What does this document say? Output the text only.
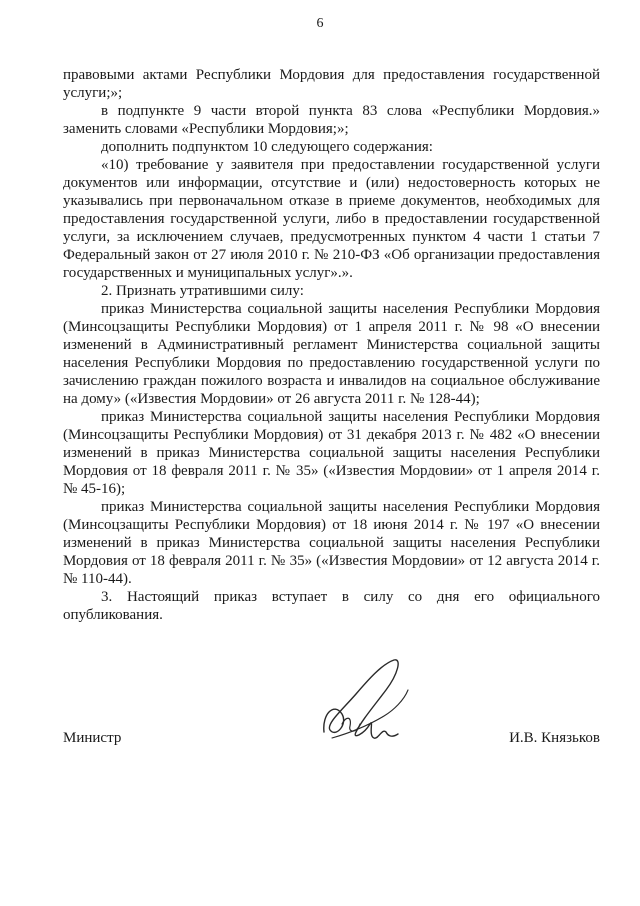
6

правовыми актами Республики Мордовия для предоставления государственной услуги;»;

в подпункте 9 части второй пункта 83 слова «Республики Мордовия.» заменить словами «Республики Мордовия;»;

дополнить подпунктом 10 следующего содержания:

«10) требование у заявителя при предоставлении государственной услуги документов или информации, отсутствие и (или) недостоверность которых не указывались при первоначальном отказе в приеме документов, необходимых для предоставления государственной услуги, либо в предоставлении государственной услуги, за исключением случаев, предусмотренных пунктом 4 части 1 статьи 7 Федеральный закон от 27 июля 2010 г. № 210-ФЗ «Об организации предоставления государственных и муниципальных услуг».».

2. Признать утратившими силу:

приказ Министерства социальной защиты населения Республики Мордовия (Минсоцзащиты Республики Мордовия) от 1 апреля 2011 г. № 98 «О внесении изменений в Административный регламент Министерства социальной защиты населения Республики Мордовия по предоставлению государственной услуги по зачислению граждан пожилого возраста и инвалидов на социальное обслуживание на дому» («Известия Мордовии» от 26 августа 2011 г. № 128-44);

приказ Министерства социальной защиты населения Республики Мордовия (Минсоцзащиты Республики Мордовия) от 31 декабря 2013 г. № 482 «О внесении изменений в приказ Министерства социальной защиты населения Республики Мордовия от 18 февраля 2011 г. № 35» («Известия Мордовии» от 1 апреля 2014 г. № 45-16);

приказ Министерства социальной защиты населения Республики Мордовия (Минсоцзащиты Республики Мордовия) от 18 июня 2014 г. № 197 «О внесении изменений в приказ Министерства социальной защиты населения Республики Мордовия от 18 февраля 2011 г. № 35» («Известия Мордовии» от 12 августа 2014 г. № 110-44).

3. Настоящий приказ вступает в силу со дня его официального опубликования.

Министр	И.В. Князьков
